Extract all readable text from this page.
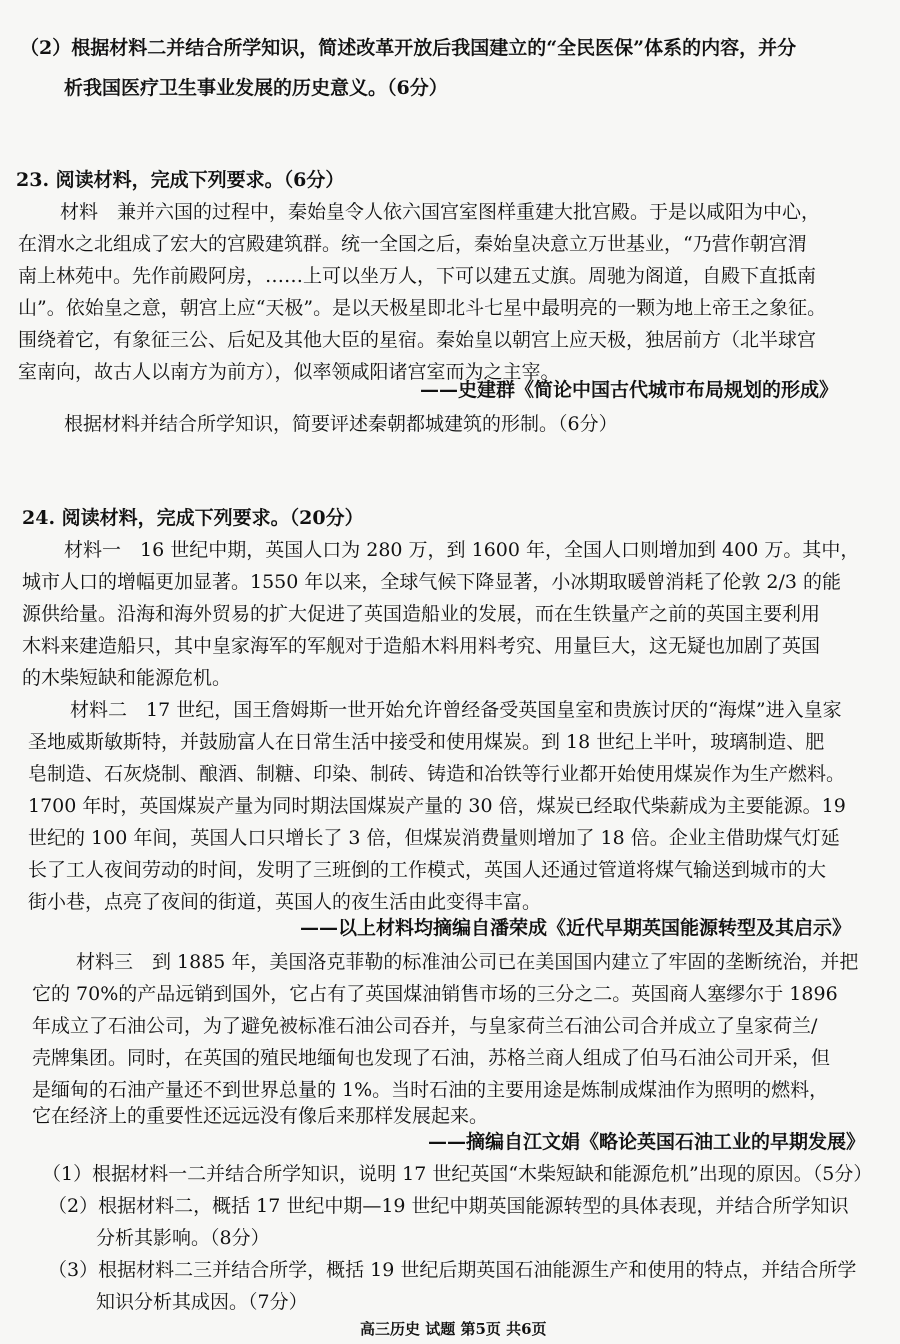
（2）根据材料二并结合所学知识，简述改革开放后我国建立的“全民医保”体系的内容，并分
析我国医疗卫生事业发展的历史意义。（6分）
23. 阅读材料，完成下列要求。（6分）
材料　兼并六国的过程中，秦始皇令人依六国宫室图样重建大批宫殿。于是以咸阳为中心，
在渭水之北组成了宏大的宫殿建筑群。统一全国之后，秦始皇决意立万世基业，“乃营作朝宫渭
南上林苑中。先作前殿阿房，……上可以坐万人，下可以建五丈旗。周驰为阁道，自殿下直抵南
山”。依始皇之意，朝宫上应“天极”。是以天极星即北斗七星中最明亮的一颗为地上帝王之象征。
围绕着它，有象征三公、后妃及其他大臣的星宿。秦始皇以朝宫上应天极，独居前方（北半球宫
室南向，故古人以南方为前方），似率领咸阳诸宫室而为之主宰。
——史建群《简论中国古代城市布局规划的形成》
根据材料并结合所学知识，简要评述秦朝都城建筑的形制。（6分）
24. 阅读材料，完成下列要求。（20分）
材料一　16 世纪中期，英国人口为 280 万，到 1600 年，全国人口则增加到 400 万。其中，
城市人口的增幅更加显著。1550 年以来，全球气候下降显著，小冰期取暖曾消耗了伦敦 2/3 的能
源供给量。沿海和海外贸易的扩大促进了英国造船业的发展，而在生铁量产之前的英国主要利用
木料来建造船只，其中皇家海军的军舰对于造船木料用料考究、用量巨大，这无疑也加剧了英国
的木柴短缺和能源危机。
材料二　17 世纪，国王詹姆斯一世开始允许曾经备受英国皇室和贵族讨厌的“海煤”进入皇家
圣地威斯敏斯特，并鼓励富人在日常生活中接受和使用煤炭。到 18 世纪上半叶，玻璃制造、肥
皂制造、石灰烧制、酿酒、制糖、印染、制砖、铸造和冶铁等行业都开始使用煤炭作为生产燃料。
1700 年时，英国煤炭产量为同时期法国煤炭产量的 30 倍，煤炭已经取代柴薪成为主要能源。19
世纪的 100 年间，英国人口只增长了 3 倍，但煤炭消费量则增加了 18 倍。企业主借助煤气灯延
长了工人夜间劳动的时间，发明了三班倒的工作模式，英国人还通过管道将煤气输送到城市的大
街小巷，点亮了夜间的街道，英国人的夜生活由此变得丰富。
——以上材料均摘编自潘荣成《近代早期英国能源转型及其启示》
材料三　到 1885 年，美国洛克菲勒的标准油公司已在美国国内建立了牢固的垄断统治，并把
它的 70%的产品远销到国外，它占有了英国煤油销售市场的三分之二。英国商人塞缪尔于 1896
年成立了石油公司，为了避免被标准石油公司吞并，与皇家荷兰石油公司合并成立了皇家荷兰/
壳牌集团。同时，在英国的殖民地缅甸也发现了石油，苏格兰商人组成了伯马石油公司开采，但
是缅甸的石油产量还不到世界总量的 1%。当时石油的主要用途是炼制成煤油作为照明的燃料，
它在经济上的重要性还远远没有像后来那样发展起来。
——摘编自江文娟《略论英国石油工业的早期发展》
（1）根据材料一二并结合所学知识，说明 17 世纪英国“木柴短缺和能源危机”出现的原因。（5分）
（2）根据材料二，概括 17 世纪中期—19 世纪中期英国能源转型的具体表现，并结合所学知识
分析其影响。（8分）
（3）根据材料二三并结合所学，概括 19 世纪后期英国石油能源生产和使用的特点，并结合所学
知识分析其成因。（7分）
高三历史 试题 第5页 共6页
